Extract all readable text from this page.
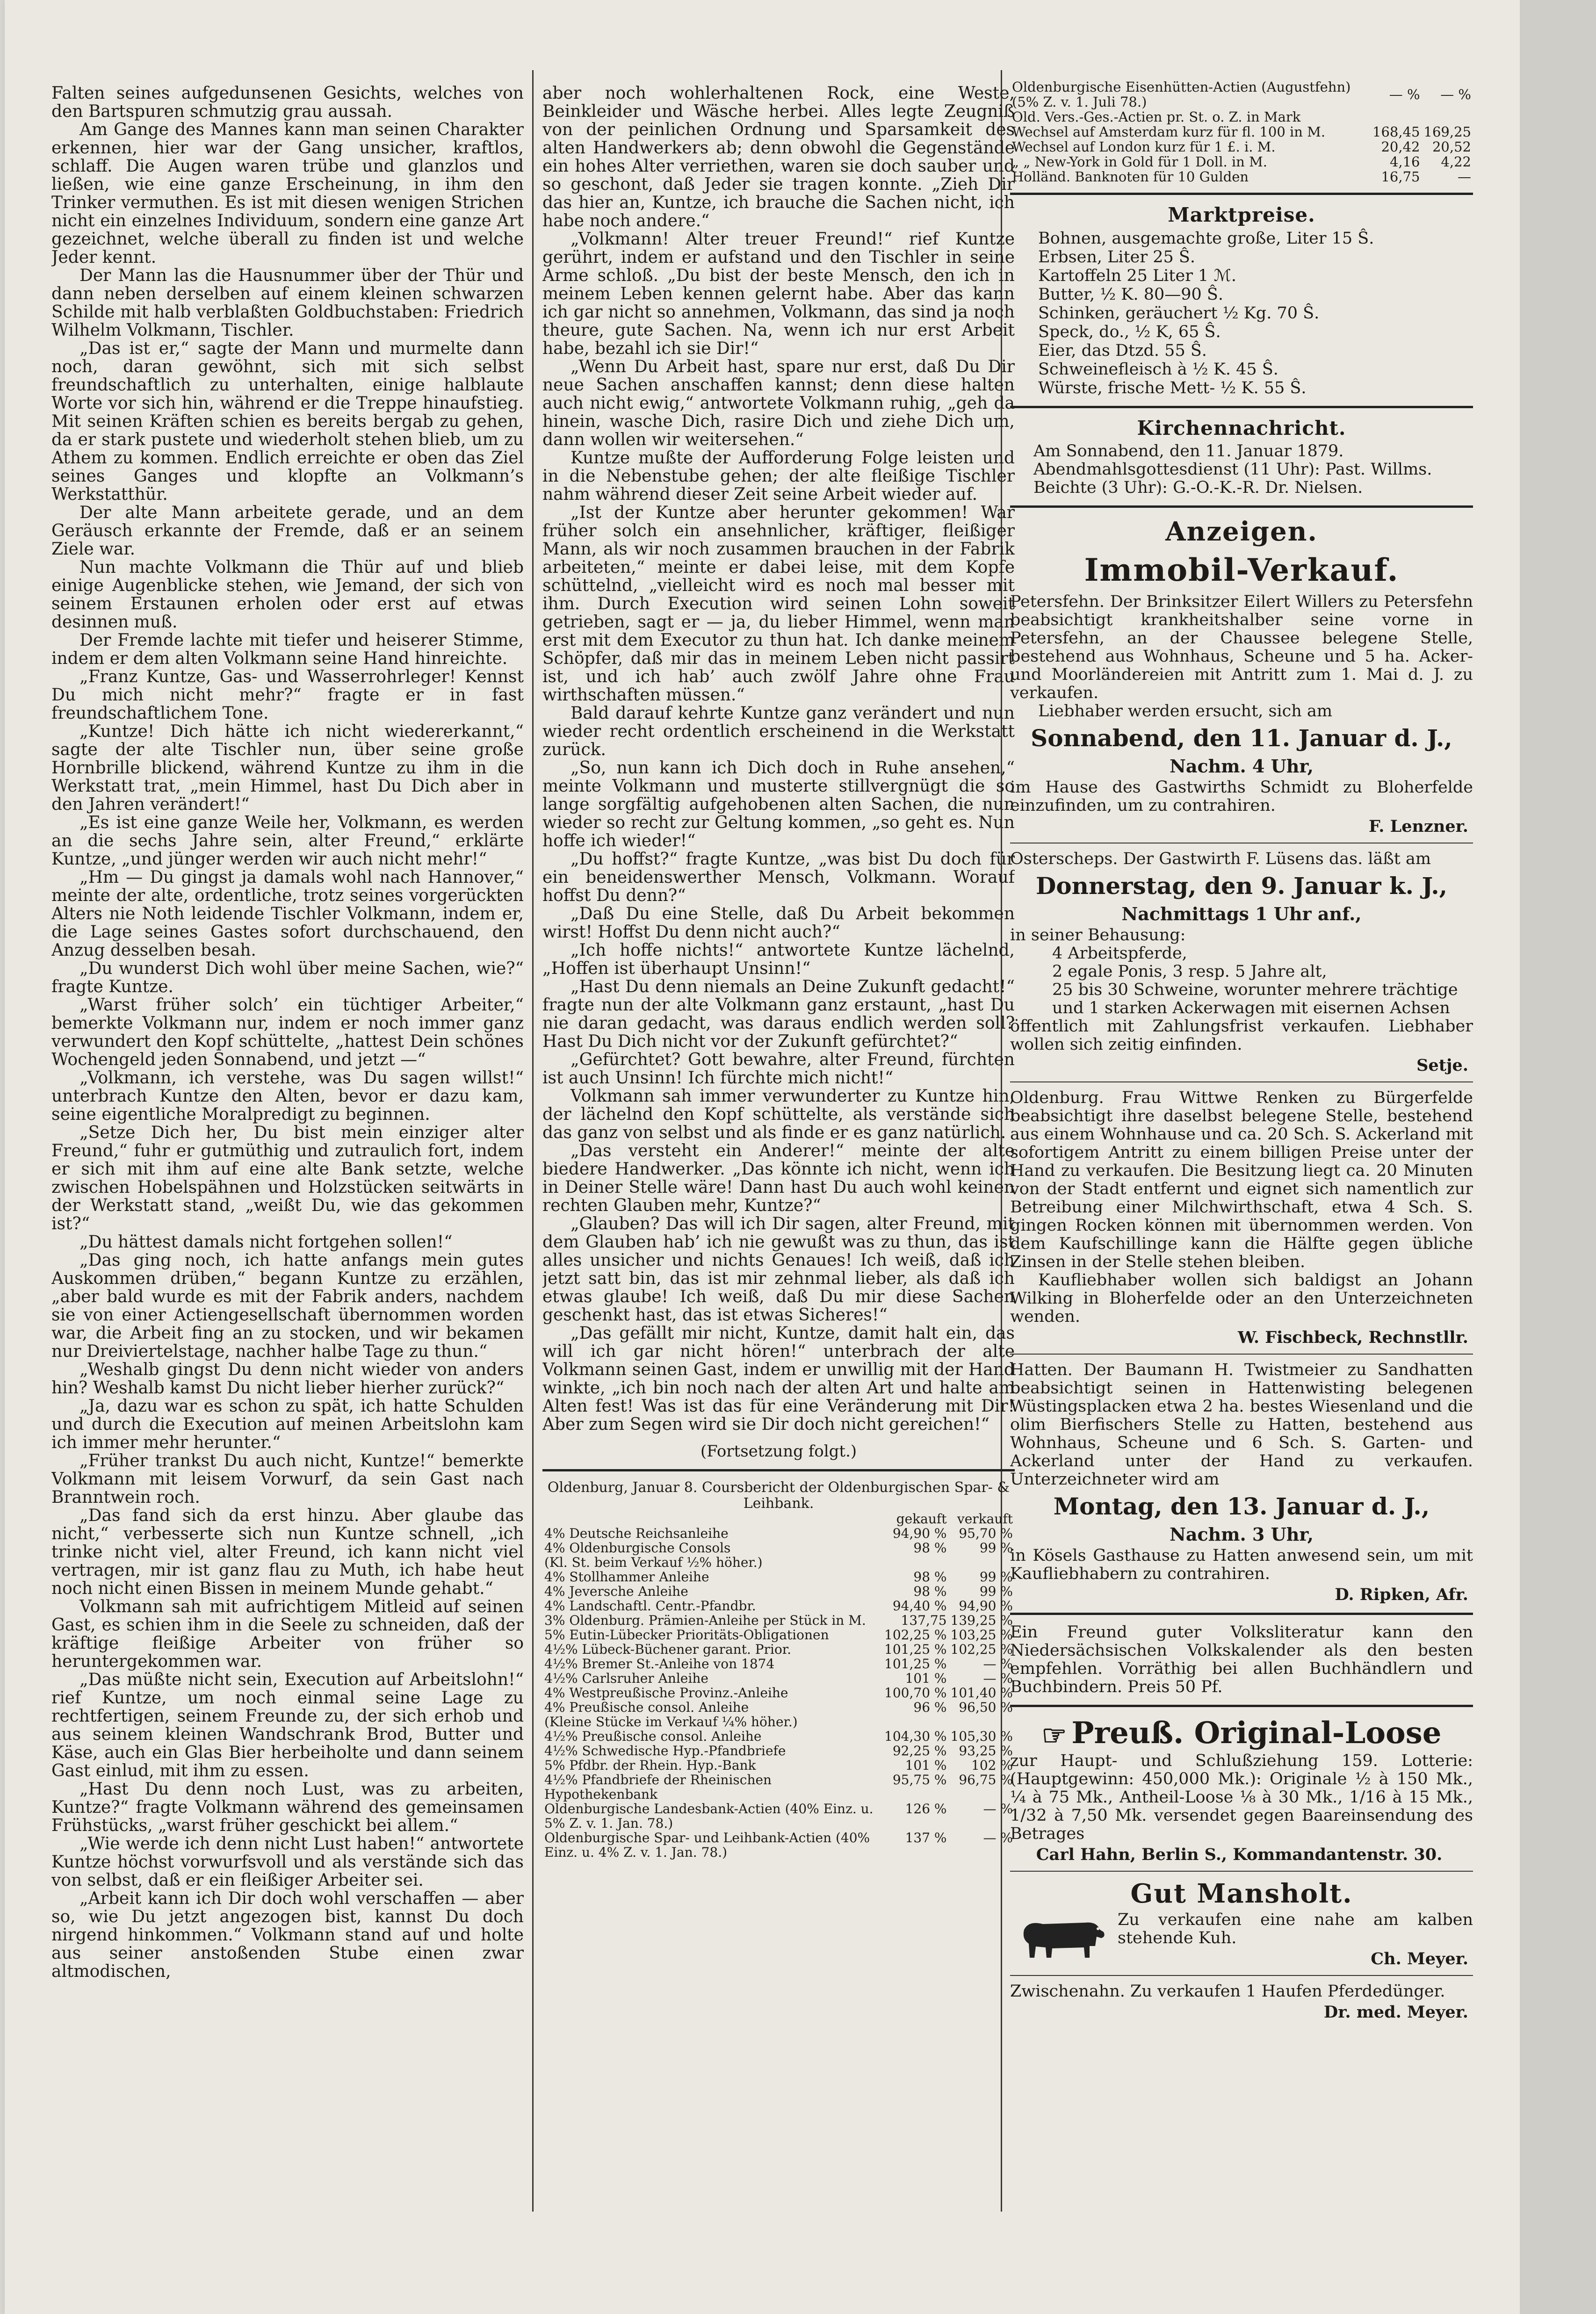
Falten seines aufgedunsenen Gesichts, welches von den Bartspuren schmutzig grau aussah.

Am Gange des Mannes kann man seinen Charakter erkennen, hier war der Gang unsicher, kraftlos, schlaff. Die Augen waren trübe und glanzlos und ließen, wie eine ganze Erscheinung, in ihm den Trinker vermuthen. Es ist mit diesen wenigen Strichen nicht ein einzelnes Individuum, sondern eine ganze Art gezeichnet, welche überall zu finden ist und welche Jeder kennt.

Der Mann las die Hausnummer über der Thür und dann neben derselben auf einem kleinen schwarzen Schilde mit halb verblaßten Goldbuchstaben: Friedrich Wilhelm Volkmann, Tischler.

„Das ist er,“ sagte der Mann und murmelte dann noch, daran gewöhnt, sich mit sich selbst freundschaftlich zu unterhalten, einige halblaute Worte vor sich hin, während er die Treppe hinaufstieg. Mit seinen Kräften schien es bereits bergab zu gehen, da er stark pustete und wiederholt stehen blieb, um zu Athem zu kommen. Endlich erreichte er oben das Ziel seines Ganges und klopfte an Volkmann’s Werkstatthür.

Der alte Mann arbeitete gerade, und an dem Geräusch erkannte der Fremde, daß er an seinem Ziele war.

Nun machte Volkmann die Thür auf und blieb einige Augenblicke stehen, wie Jemand, der sich von seinem Erstaunen erholen oder erst auf etwas desinnen muß.

Der Fremde lachte mit tiefer und heiserer Stimme, indem er dem alten Volkmann seine Hand hinreichte.

„Franz Kuntze, Gas- und Wasserrohrleger! Kennst Du mich nicht mehr?“ fragte er in fast freundschaftlichem Tone.

„Kuntze! Dich hätte ich nicht wiedererkannt,“ sagte der alte Tischler nun, über seine große Hornbrille blickend, während Kuntze zu ihm in die Werkstatt trat, „mein Himmel, hast Du Dich aber in den Jahren verändert!“

„Es ist eine ganze Weile her, Volkmann, es werden an die sechs Jahre sein, alter Freund,“ erklärte Kuntze, „und jünger werden wir auch nicht mehr!“

„Hm — Du gingst ja damals wohl nach Hannover,“ meinte der alte, ordentliche, trotz seines vorgerückten Alters nie Noth leidende Tischler Volkmann, indem er, die Lage seines Gastes sofort durchschauend, den Anzug desselben besah.

„Du wunderst Dich wohl über meine Sachen, wie?“ fragte Kuntze.

„Warst früher solch’ ein tüchtiger Arbeiter,“ bemerkte Volkmann nur, indem er noch immer ganz verwundert den Kopf schüttelte, „hattest Dein schönes Wochengeld jeden Sonnabend, und jetzt —“

„Volkmann, ich verstehe, was Du sagen willst!“ unterbrach Kuntze den Alten, bevor er dazu kam, seine eigentliche Moralpredigt zu beginnen.

„Setze Dich her, Du bist mein einziger alter Freund,“ fuhr er gutmüthig und zutraulich fort, indem er sich mit ihm auf eine alte Bank setzte, welche zwischen Hobelspähnen und Holzstücken seitwärts in der Werkstatt stand, „weißt Du, wie das gekommen ist?“

„Du hättest damals nicht fortgehen sollen!“

„Das ging noch, ich hatte anfangs mein gutes Auskommen drüben,“ begann Kuntze zu erzählen, „aber bald wurde es mit der Fabrik anders, nachdem sie von einer Actiengesellschaft übernommen worden war, die Arbeit fing an zu stocken, und wir bekamen nur Dreiviertelstage, nachher halbe Tage zu thun.“

„Weshalb gingst Du denn nicht wieder von anders hin? Weshalb kamst Du nicht lieber hierher zurück?“

„Ja, dazu war es schon zu spät, ich hatte Schulden und durch die Execution auf meinen Arbeitslohn kam ich immer mehr herunter.“

„Früher trankst Du auch nicht, Kuntze!“ bemerkte Volkmann mit leisem Vorwurf, da sein Gast nach Branntwein roch.

„Das fand sich da erst hinzu. Aber glaube das nicht,“ verbesserte sich nun Kuntze schnell, „ich trinke nicht viel, alter Freund, ich kann nicht viel vertragen, mir ist ganz flau zu Muth, ich habe heut noch nicht einen Bissen in meinem Munde gehabt.“

Volkmann sah mit aufrichtigem Mitleid auf seinen Gast, es schien ihm in die Seele zu schneiden, daß der kräftige fleißige Arbeiter von früher so heruntergekommen war.

„Das müßte nicht sein, Execution auf Arbeitslohn!“ rief Kuntze, um noch einmal seine Lage zu rechtfertigen, seinem Freunde zu, der sich erhob und aus seinem kleinen Wandschrank Brod, Butter und Käse, auch ein Glas Bier herbeiholte und dann seinem Gast einlud, mit ihm zu essen.

„Hast Du denn noch Lust, was zu arbeiten, Kuntze?“ fragte Volkmann während des gemeinsamen Frühstücks, „warst früher geschickt bei allem.“

„Wie werde ich denn nicht Lust haben!“ antwortete Kuntze höchst vorwurfsvoll und als verstände sich das von selbst, daß er ein fleißiger Arbeiter sei.

„Arbeit kann ich Dir doch wohl verschaffen — aber so, wie Du jetzt angezogen bist, kannst Du doch nirgend hinkommen.“ Volkmann stand auf und holte aus seiner anstoßenden Stube einen zwar altmodischen,

aber noch wohlerhaltenen Rock, eine Weste, Beinkleider und Wäsche herbei. Alles legte Zeugniß von der peinlichen Ordnung und Sparsamkeit des alten Handwerkers ab; denn obwohl die Gegenstände ein hohes Alter verriethen, waren sie doch sauber und so geschont, daß Jeder sie tragen konnte. „Zieh Dir das hier an, Kuntze, ich brauche die Sachen nicht, ich habe noch andere.“

„Volkmann! Alter treuer Freund!“ rief Kuntze gerührt, indem er aufstand und den Tischler in seine Arme schloß. „Du bist der beste Mensch, den ich in meinem Leben kennen gelernt habe. Aber das kann ich gar nicht so annehmen, Volkmann, das sind ja noch theure, gute Sachen. Na, wenn ich nur erst Arbeit habe, bezahl ich sie Dir!“

„Wenn Du Arbeit hast, spare nur erst, daß Du Dir neue Sachen anschaffen kannst; denn diese halten auch nicht ewig,“ antwortete Volkmann ruhig, „geh da hinein, wasche Dich, rasire Dich und ziehe Dich um, dann wollen wir weitersehen.“

Kuntze mußte der Aufforderung Folge leisten und in die Nebenstube gehen; der alte fleißige Tischler nahm während dieser Zeit seine Arbeit wieder auf.

„Ist der Kuntze aber herunter gekommen! War früher solch ein ansehnlicher, kräftiger, fleißiger Mann, als wir noch zusammen brauchen in der Fabrik arbeiteten,“ meinte er dabei leise, mit dem Kopfe schüttelnd, „vielleicht wird es noch mal besser mit ihm. Durch Execution wird seinen Lohn soweit getrieben, sagt er — ja, du lieber Himmel, wenn man erst mit dem Executor zu thun hat. Ich danke meinem Schöpfer, daß mir das in meinem Leben nicht passirt ist, und ich hab’ auch zwölf Jahre ohne Frau wirthschaften müssen.“

Bald darauf kehrte Kuntze ganz verändert und nun wieder recht ordentlich erscheinend in die Werkstatt zurück.

„So, nun kann ich Dich doch in Ruhe ansehen,“ meinte Volkmann und musterte stillvergnügt die so lange sorgfältig aufgehobenen alten Sachen, die nun wieder so recht zur Geltung kommen, „so geht es. Nun hoffe ich wieder!“

„Du hoffst?“ fragte Kuntze, „was bist Du doch für ein beneidenswerther Mensch, Volkmann. Worauf hoffst Du denn?“

„Daß Du eine Stelle, daß Du Arbeit bekommen wirst! Hoffst Du denn nicht auch?“

„Ich hoffe nichts!“ antwortete Kuntze lächelnd, „Hoffen ist überhaupt Unsinn!“

„Hast Du denn niemals an Deine Zukunft gedacht!“ fragte nun der alte Volkmann ganz erstaunt, „hast Du nie daran gedacht, was daraus endlich werden soll? Hast Du Dich nicht vor der Zukunft gefürchtet?“

„Gefürchtet? Gott bewahre, alter Freund, fürchten ist auch Unsinn! Ich fürchte mich nicht!“

Volkmann sah immer verwunderter zu Kuntze hin, der lächelnd den Kopf schüttelte, als verstände sich das ganz von selbst und als finde er es ganz natürlich.

„Das versteht ein Anderer!“ meinte der alte biedere Handwerker. „Das könnte ich nicht, wenn ich in Deiner Stelle wäre! Dann hast Du auch wohl keinen rechten Glauben mehr, Kuntze?“

„Glauben? Das will ich Dir sagen, alter Freund, mit dem Glauben hab’ ich nie gewußt was zu thun, das ist alles unsicher und nichts Genaues! Ich weiß, daß ich jetzt satt bin, das ist mir zehnmal lieber, als daß ich etwas glaube! Ich weiß, daß Du mir diese Sachen geschenkt hast, das ist etwas Sicheres!“

„Das gefällt mir nicht, Kuntze, damit halt ein, das will ich gar nicht hören!“ unterbrach der alte Volkmann seinen Gast, indem er unwillig mit der Hand winkte, „ich bin noch nach der alten Art und halte am Alten fest! Was ist das für eine Veränderung mit Dir! Aber zum Segen wird sie Dir doch nicht gereichen!“

(Fortsetzung folgt.)
Oldenburg, Januar 8. Coursbericht der Oldenburgischen Spar- & Leihbank.
	gekauft	verkauft
4% Deutsche Reichsanleihe	94,90 %	95,70 %
4% Oldenburgische Consols	98 %	99 %
(Kl. St. beim Verkauf ½% höher.)		
4% Stollhammer Anleihe	98 %	99 %
4% Jeversche Anleihe	98 %	99 %
4% Landschaftl. Centr.-Pfandbr.	94,40 %	94,90 %
3% Oldenburg. Prämien-Anleihe per Stück in M.	137,75	139,25 %
5% Eutin-Lübecker Prioritäts-Obligationen	102,25 %	103,25 %
4½% Lübeck-Büchener garant. Prior.	101,25 %	102,25 %
4½% Bremer St.-Anleihe von 1874	101,25 %	— %
4½% Carlsruher Anleihe	101 %	— %
4% Westpreußische Provinz.-Anleihe	100,70 %	101,40 %
4% Preußische consol. Anleihe	96 %	96,50 %
(Kleine Stücke im Verkauf ¼% höher.)		
4½% Preußische consol. Anleihe	104,30 %	105,30 %
4½% Schwedische Hyp.-Pfandbriefe	92,25 %	93,25 %
5% Pfdbr. der Rhein. Hyp.-Bank	101 %	102 %
4½% Pfandbriefe der Rheinischen Hypothekenbank	95,75 %	96,75 %
Oldenburgische Landesbank-Actien (40% Einz. u. 5% Z. v. 1. Jan. 78.)	126 %	— %
Oldenburgische Spar- und Leihbank-Actien (40% Einz. u. 4% Z. v. 1. Jan. 78.)	137 %	— %
Oldenburgische Eisenhütten-Actien (Augustfehn) (5% Z. v. 1. Juli 78.)	— %	— %
Old. Vers.-Ges.-Actien pr. St. o. Z. in Mark		
Wechsel auf Amsterdam kurz für fl. 100 in M.	168,45	169,25
Wechsel auf London kurz für 1 £. i. M.	20,42	20,52
„ „ New-York in Gold für 1 Doll. in M.	4,16	4,22
Holländ. Banknoten für 10 Gulden	16,75	—
Marktpreise.

Bohnen, ausgemachte große, Liter 15 Ŝ.

Erbsen, Liter 25 Ŝ.

Kartoffeln 25 Liter 1 ℳ.

Butter, ½ K. 80—90 Ŝ.

Schinken, geräuchert ½ Kg. 70 Ŝ.

Speck, do., ½ K, 65 Ŝ.

Eier, das Dtzd. 55 Ŝ.

Schweinefleisch à ½ K. 45 Ŝ.

Würste, frische Mett- ½ K. 55 Ŝ.

Kirchennachricht.

Am Sonnabend, den 11. Januar 1879.

Abendmahlsgottesdienst (11 Uhr): Past. Willms.

Beichte (3 Uhr): G.-O.-K.-R. Dr. Nielsen.

Anzeigen.
Immobil-Verkauf.

Petersfehn. Der Brinksitzer Eilert Willers zu Petersfehn beabsichtigt krankheitshalber seine vorne in Petersfehn, an der Chaussee belegene Stelle, bestehend aus Wohnhaus, Scheune und 5 ha. Acker- und Moorländereien mit Antritt zum 1. Mai d. J. zu verkaufen.

Liebhaber werden ersucht, sich am

Sonnabend, den 11. Januar d. J.,
Nachm. 4 Uhr,

im Hause des Gastwirths Schmidt zu Bloherfelde einzufinden, um zu contrahiren.

F. Lenzner.

Osterscheps. Der Gastwirth F. Lüsens das. läßt am

Donnerstag, den 9. Januar k. J.,
Nachmittags 1 Uhr anf.,

in seiner Behausung:

4 Arbeitspferde,

2 egale Ponis, 3 resp. 5 Jahre alt,

25 bis 30 Schweine, worunter mehrere trächtige

und 1 starken Ackerwagen mit eisernen Achsen

öffentlich mit Zahlungsfrist verkaufen. Liebhaber wollen sich zeitig einfinden.

Setje.

Oldenburg. Frau Wittwe Renken zu Bürgerfelde beabsichtigt ihre daselbst belegene Stelle, bestehend aus einem Wohnhause und ca. 20 Sch. S. Ackerland mit sofortigem Antritt zu einem billigen Preise unter der Hand zu verkaufen. Die Besitzung liegt ca. 20 Minuten von der Stadt entfernt und eignet sich namentlich zur Betreibung einer Milchwirthschaft, etwa 4 Sch. S. gingen Rocken können mit übernommen werden. Von dem Kaufschillinge kann die Hälfte gegen übliche Zinsen in der Stelle stehen bleiben.

Kaufliebhaber wollen sich baldigst an Johann Wilking in Bloherfelde oder an den Unterzeichneten wenden.

W. Fischbeck, Rechnstllr.

Hatten. Der Baumann H. Twistmeier zu Sandhatten beabsichtigt seinen in Hattenwisting belegenen Wüstingsplacken etwa 2 ha. bestes Wiesenland und die olim Bierfischers Stelle zu Hatten, bestehend aus Wohnhaus, Scheune und 6 Sch. S. Garten- und Ackerland unter der Hand zu verkaufen. Unterzeichneter wird am

Montag, den 13. Januar d. J.,
Nachm. 3 Uhr,

in Kösels Gasthause zu Hatten anwesend sein, um mit Kaufliebhabern zu contrahiren.

D. Ripken, Afr.

Ein Freund guter Volksliteratur kann den Niedersächsischen Volkskalender als den besten empfehlen. Vorräthig bei allen Buchhändlern und Buchbindern. Preis 50 Pf.

☞ Preuß. Original-Loose

zur Haupt- und Schlußziehung 159. Lotterie: (Hauptgewinn: 450,000 Mk.): Originale ½ à 150 Mk., ¼ à 75 Mk., Antheil-Loose ⅛ à 30 Mk., 1/16 à 15 Mk., 1/32 à 7,50 Mk. versendet gegen Baareinsendung des Betrages

Carl Hahn, Berlin S., Kommandantenstr. 30.
Gut Mansholt.

Zu verkaufen eine nahe am kalben stehende Kuh.

Ch. Meyer.

Zwischenahn. Zu verkaufen 1 Haufen Pferdedünger.

Dr. med. Meyer.
